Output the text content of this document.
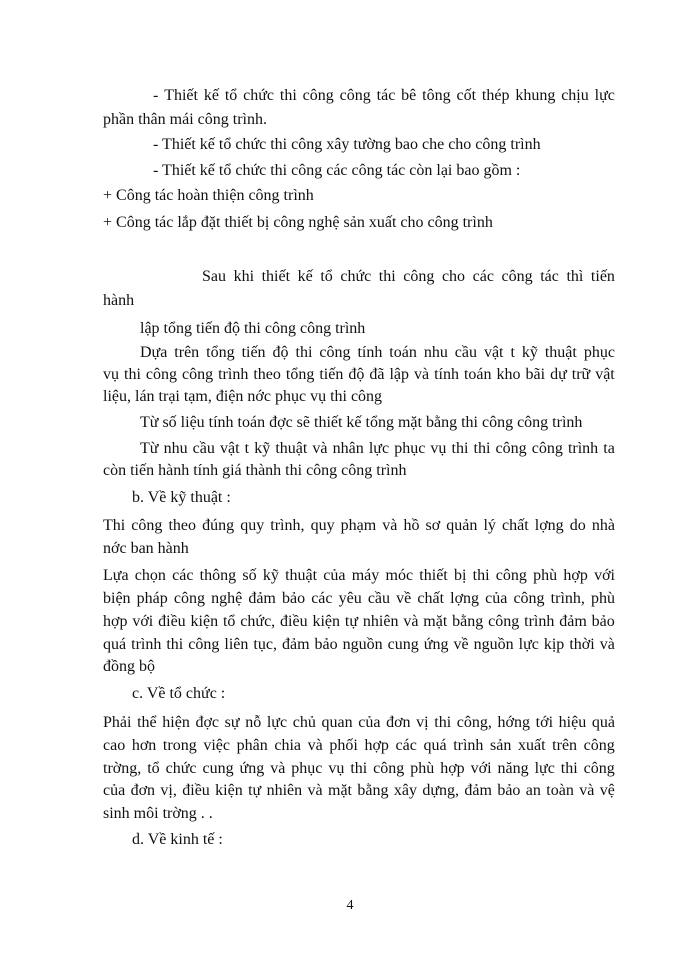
- Thiết kế tổ chức thi công công tác bê tông cốt thép khung chịu lực
phần thân mái công trình.
- Thiết kế tổ chức thi công xây tường bao che cho công trình
- Thiết kế tổ chức thi công các công tác còn lại bao gồm :
+ Công tác hoàn thiện công trình
+ Công tác lắp đặt thiết bị công nghệ sản xuất cho công trình
Sau khi thiết kế tổ chức thi công cho các công tác thì tiến
hành
lập tổng tiến độ thi công công trình
Dựa trên tổng tiến độ thi công tính toán nhu cầu vật t kỹ thuật phục
vụ thi công công trình theo tổng tiến độ đã lập và tính toán kho bãi dự trữ vật
liệu, lán trại tạm, điện nớc phục vụ thi công
Từ số liệu tính toán đợc sẽ thiết kế tổng mặt bằng thi công công trình
Từ nhu cầu vật t kỹ thuật và nhân lực phục vụ thi thi công công trình ta
còn tiến hành tính giá thành thi công công trình
b. Về kỹ thuật :
Thi công theo đúng quy trình, quy phạm và hồ sơ quản lý chất lợng do nhà
nớc ban hành
Lựa chọn các thông số kỹ thuật của máy móc thiết bị thi công phù hợp với
biện pháp công nghệ đảm bảo các yêu cầu về chất lợng của công trình, phù
hợp với điều kiện tổ chức, điều kiện tự nhiên và mặt bằng công trình đảm bảo
quá trình thi công liên tục, đảm bảo nguồn cung ứng về nguồn lực kịp thời và
đồng bộ
c. Về tổ chức :
Phải thể hiện đợc sự nỗ lực chủ quan của đơn vị thi công, hớng tới hiệu quả
cao hơn trong việc phân chia và phối hợp các quá trình sản xuất trên công
trờng, tổ chức cung ứng và phục vụ thi công phù hợp với năng lực thi công
của đơn vị, điều kiện tự nhiên và mặt bằng xây dựng, đảm bảo an toàn và vệ
sinh môi trờng . .
d. Về kinh tế :
4
